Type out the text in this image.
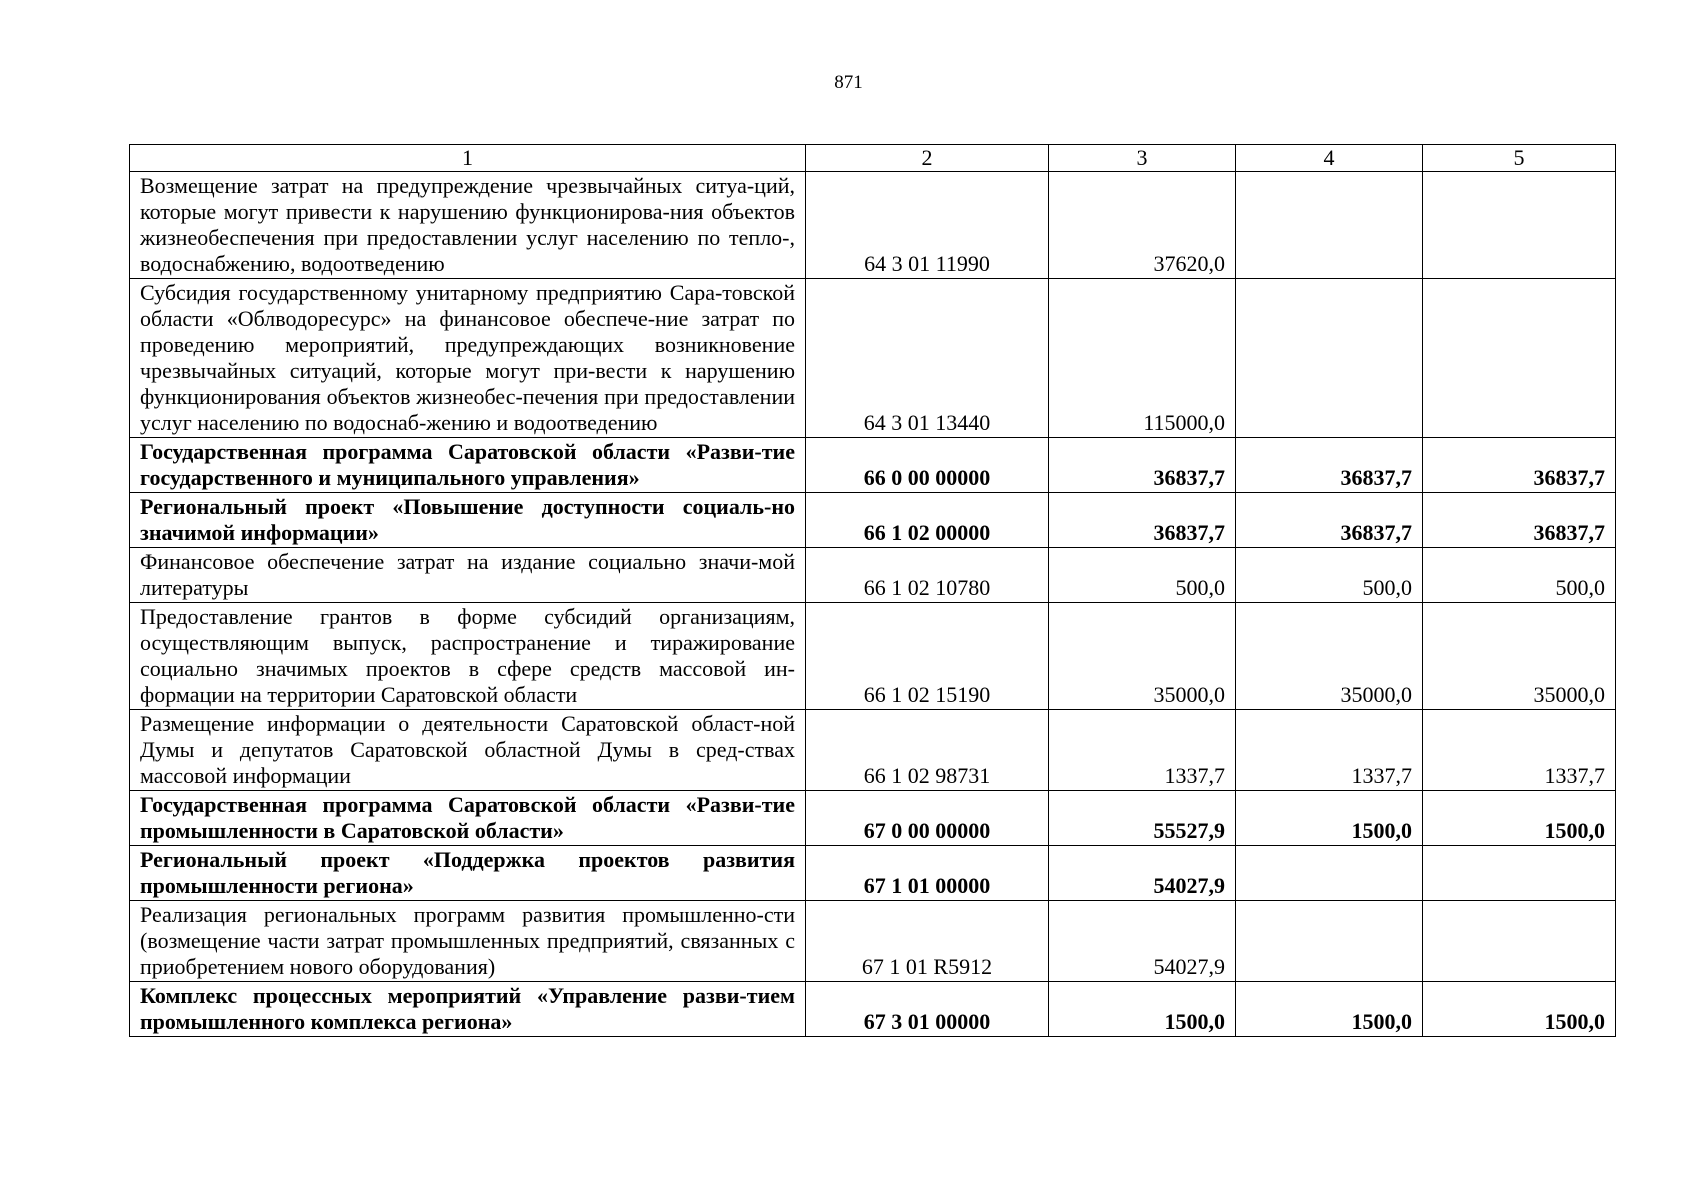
871
1	2	3	4	5
Возмещение затрат на предупреждение чрезвычайных ситуа-ций, которые могут привести к нарушению функционирова-ния объектов жизнеобеспечения при предоставлении услуг населению по тепло-, водоснабжению, водоотведению	64 3 01 11990	37620,0		
Субсидия государственному унитарному предприятию Сара-товской области «Облводоресурс» на финансовое обеспече-ние затрат по проведению мероприятий, предупреждающих возникновение чрезвычайных ситуаций, которые могут при-вести к нарушению функционирования объектов жизнеобес-печения при предоставлении услуг населению по водоснаб-жению и водоотведению	64 3 01 13440	115000,0		
Государственная программа Саратовской области «Разви-тие государственного и муниципального управления»	66 0 00 00000	36837,7	36837,7	36837,7
Региональный проект «Повышение доступности социаль-но значимой информации»	66 1 02 00000	36837,7	36837,7	36837,7
Финансовое обеспечение затрат на издание социально значи-мой литературы	66 1 02 10780	500,0	500,0	500,0
Предоставление грантов в форме субсидий организациям, осуществляющим выпуск, распространение и тиражирование социально значимых проектов в сфере средств массовой ин-формации на территории Саратовской области	66 1 02 15190	35000,0	35000,0	35000,0
Размещение информации о деятельности Саратовской област-ной Думы и депутатов Саратовской областной Думы в сред-ствах массовой информации	66 1 02 98731	1337,7	1337,7	1337,7
Государственная программа Саратовской области «Разви-тие промышленности в Саратовской области»	67 0 00 00000	55527,9	1500,0	1500,0
Региональный проект «Поддержка проектов развития промышленности региона»	67 1 01 00000	54027,9		
Реализация региональных программ развития промышленно-сти (возмещение части затрат промышленных предприятий, связанных с приобретением нового оборудования)	67 1 01 R5912	54027,9		
Комплекс процессных мероприятий «Управление разви-тием промышленного комплекса региона»	67 3 01 00000	1500,0	1500,0	1500,0
